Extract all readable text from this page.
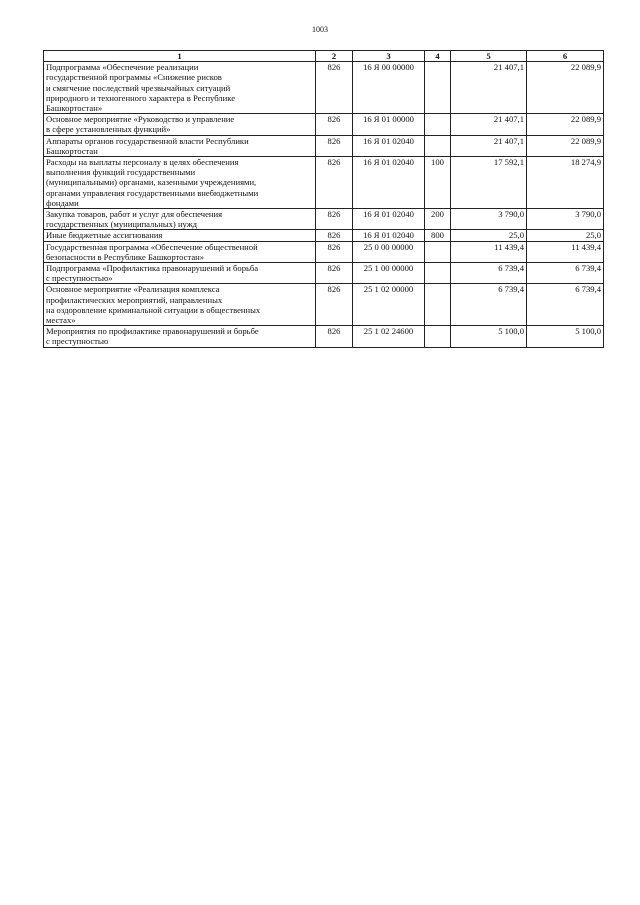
1003
1	2	3	4	5	6
Подпрограмма «Обеспечение реализации
государственной программы «Снижение рисков
и смягчение последствий чрезвычайных ситуаций
природного и техногенного характера в Республике
Башкортостан»	826	16 Я 00 00000		21 407,1	22 089,9
Основное мероприятие «Руководство и управление
в сфере установленных функций»	826	16 Я 01 00000		21 407,1	22 089,9
Аппараты органов государственной власти Республики
Башкортостан	826	16 Я 01 02040		21 407,1	22 089,9
Расходы на выплаты персоналу в целях обеспечения
выполнения функций государственными
(муниципальными) органами, казенными учреждениями,
органами управления государственными внебюджетными
фондами	826	16 Я 01 02040	100	17 592,1	18 274,9
Закупка товаров, работ и услуг для обеспечения
государственных (муниципальных) нужд	826	16 Я 01 02040	200	3 790,0	3 790,0
Иные бюджетные ассигнования	826	16 Я 01 02040	800	25,0	25,0
Государственная программа «Обеспечение общественной
безопасности в Республике Башкортостан»	826	25 0 00 00000		11 439,4	11 439,4
Подпрограмма «Профилактика правонарушений и борьба
с преступностью»	826	25 1 00 00000		6 739,4	6 739,4
Основное мероприятие «Реализация комплекса
профилактических мероприятий, направленных
на оздоровление криминальной ситуации в общественных
местах»	826	25 1 02 00000		6 739,4	6 739,4
Мероприятия по профилактике правонарушений и борьбе
с преступностью	826	25 1 02 24600		5 100,0	5 100,0
